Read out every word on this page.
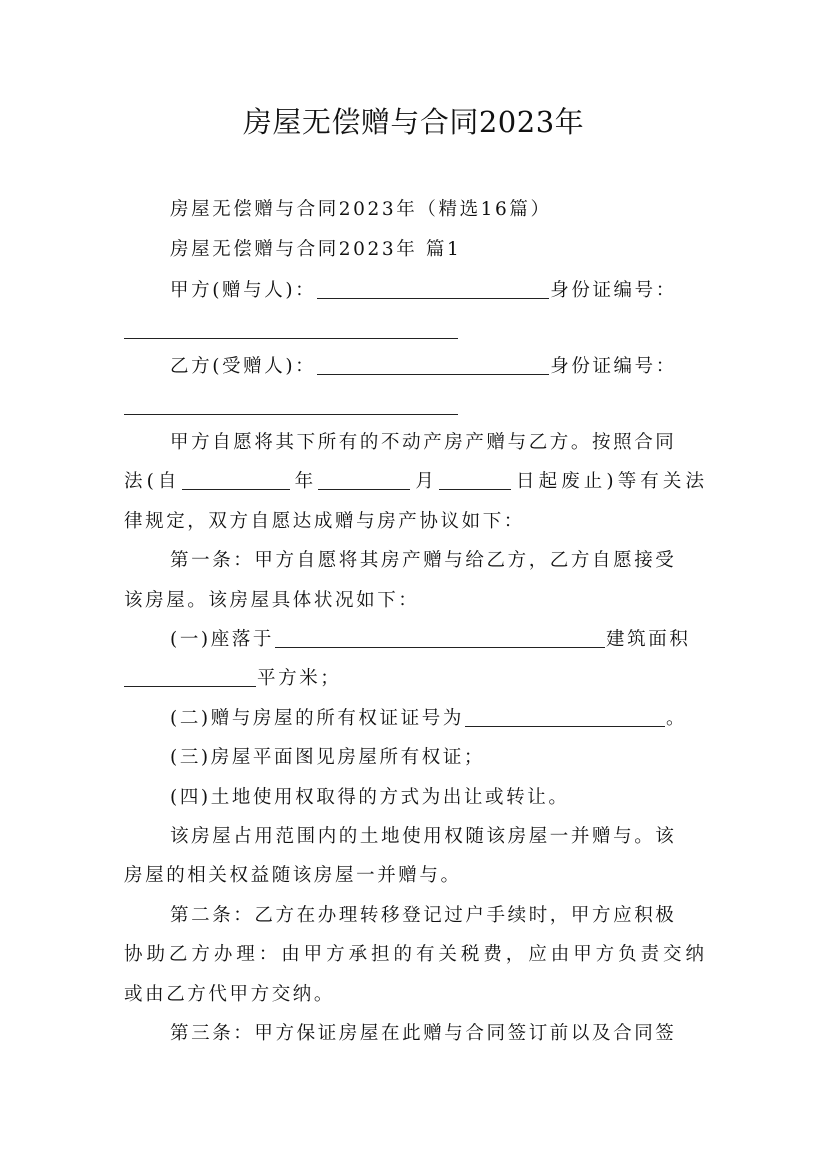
房屋无偿赠与合同2023年
房屋无偿赠与合同2023年（精选16篇）
房屋无偿赠与合同2023年 篇1
甲方(赠与人)：	身份证编号：
乙方(受赠人)：	身份证编号：
甲方自愿将其下所有的不动产房产赠与乙方。按照合同
法(自	年	月	日起废止)等有关法
律规定，双方自愿达成赠与房产协议如下：
第一条：甲方自愿将其房产赠与给乙方，乙方自愿接受
该房屋。该房屋具体状况如下：
(一)座落于	建筑面积
平方米；
(二)赠与房屋的所有权证证号为	。
(三)房屋平面图见房屋所有权证；
(四)土地使用权取得的方式为出让或转让。
该房屋占用范围内的土地使用权随该房屋一并赠与。该
房屋的相关权益随该房屋一并赠与。
第二条：乙方在办理转移登记过户手续时，甲方应积极
协助乙方办理：由甲方承担的有关税费，应由甲方负责交纳
或由乙方代甲方交纳。
第三条：甲方保证房屋在此赠与合同签订前以及合同签
